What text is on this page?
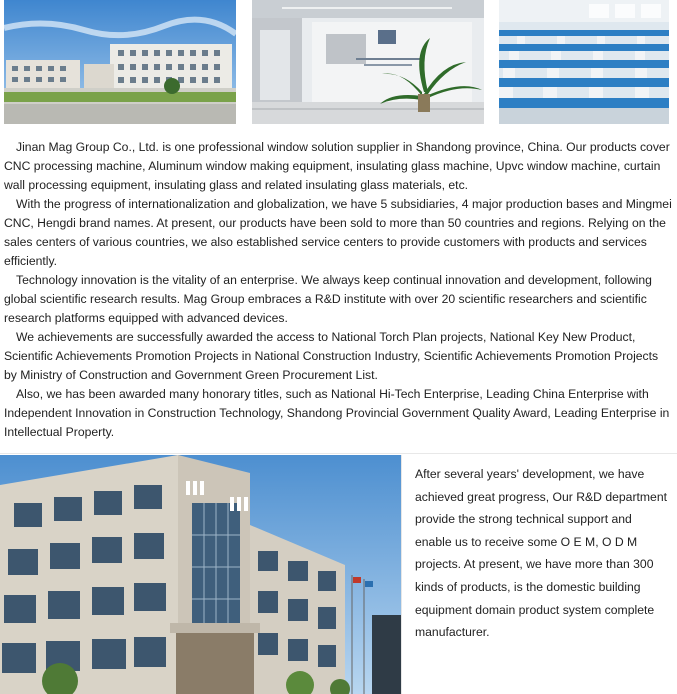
Jinan Mag Group Co., Ltd. is one professional window solution supplier in Shandong province, China. Our products cover CNC processing machine, Aluminum window making equipment, insulating glass machine, Upvc window machine, curtain wall processing equipment, insulating glass and related insulating glass materials, etc.

With the progress of internationalization and globalization, we have 5 subsidiaries, 4 major production bases and Mingmei CNC, Hengdi brand names. At present, our products have been sold to more than 50 countries and regions. Relying on the sales centers of various countries, we also established service centers to provide customers with products and services efficiently.

Technology innovation is the vitality of an enterprise. We always keep continual innovation and development, following global scientific research results. Mag Group embraces a R&D institute with over 20 scientific researchers and scientific research platforms equipped with advanced devices.

We achievements are successfully awarded the access to National Torch Plan projects, National Key New Product, Scientific Achievements Promotion Projects in National Construction Industry, Scientific Achievements Promotion Projects by Ministry of Construction and Government Green Procurement List.

Also, we has been awarded many honorary titles, such as National Hi-Tech Enterprise, Leading China Enterprise with Independent Innovation in Construction Technology, Shandong Provincial Government Quality Award, Leading Enterprise in Intellectual Property.

After several years' development, we have achieved great progress, Our R&D department provide the strong technical support and enable us to receive some O E M, O D M projects. At present, we have more than 300 kinds of products, is the domestic building equipment domain product system complete manufacturer.
